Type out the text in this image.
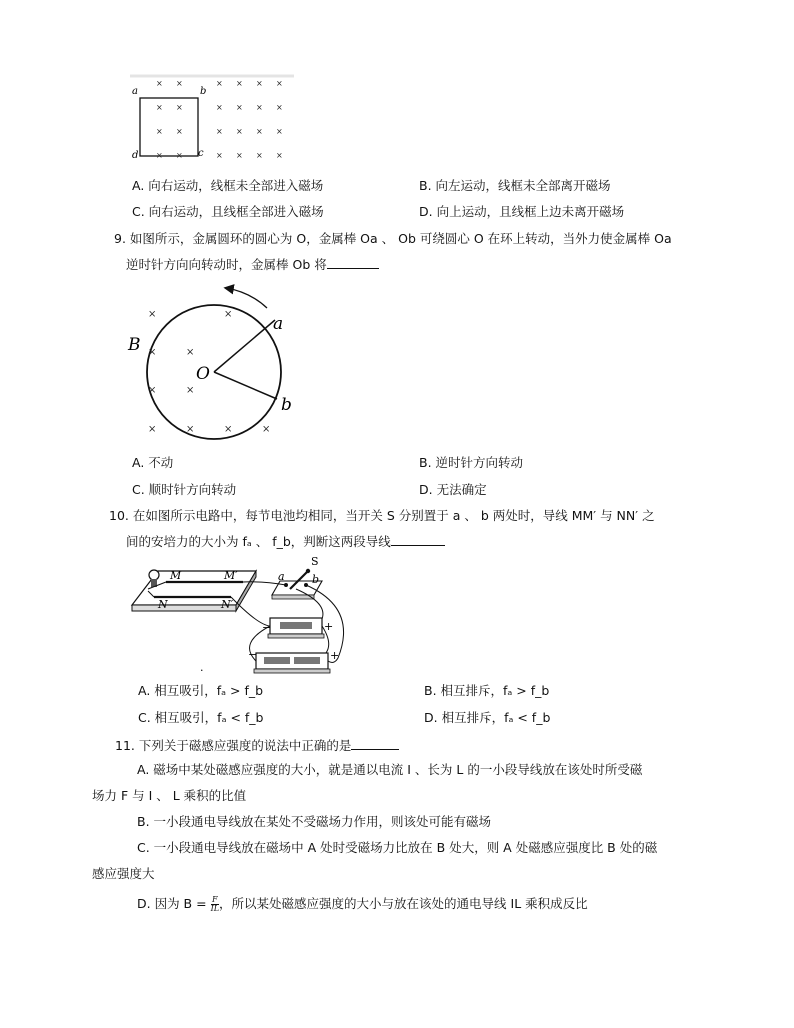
× ×
× ×
× ×
× ×
× × × ×
× × × ×
× × × ×
× × × ×
a	b
c
d
A. 向右运动，线框未全部进入磁场	B. 向左运动，线框未全部离开磁场
C. 向右运动，且线框全部进入磁场	D. 向上运动，且线框上边未离开磁场
9. 如图所示，金属圆环的圆心为 O，金属棒 Oa 、 Ob 可绕圆心 O 在环上转动，当外力使金属棒 Oa
逆时针方向向转动时，金属棒 Ob 将
×
×
×
×
×
×
×
×
×	×
B
O
a
b
A. 不动	B. 逆时针方向转动
C. 顺时针方向转动	D. 无法确定
10. 在如图所示电路中，每节电池均相同，当开关 S 分别置于 a 、 b 两处时，导线 MM′ 与 NN′ 之
间的安培力的大小为 fₐ 、 f_b，判断这两段导线
M	M′
N	N′
S
a b
−	+
−	+
.
A. 相互吸引，fₐ > f_b	B. 相互排斥，fₐ > f_b
C. 相互吸引，fₐ < f_b	D. 相互排斥，fₐ < f_b
11. 下列关于磁感应强度的说法中正确的是
A. 磁场中某处磁感应强度的大小，就是通以电流 I 、长为 L 的一小段导线放在该处时所受磁
场力 F 与 I 、 L 乘积的比值
B. 一小段通电导线放在某处不受磁场力作用，则该处可能有磁场
C. 一小段通电导线放在磁场中 A 处时受磁场力比放在 B 处大，则 A 处磁感应强度比 B 处的磁
感应强度大
D. 因为 $B = \frac{F}{IL}$ ，所以某处磁感应强度的大小与放在该处的通电导线 IL 乘积成反比
